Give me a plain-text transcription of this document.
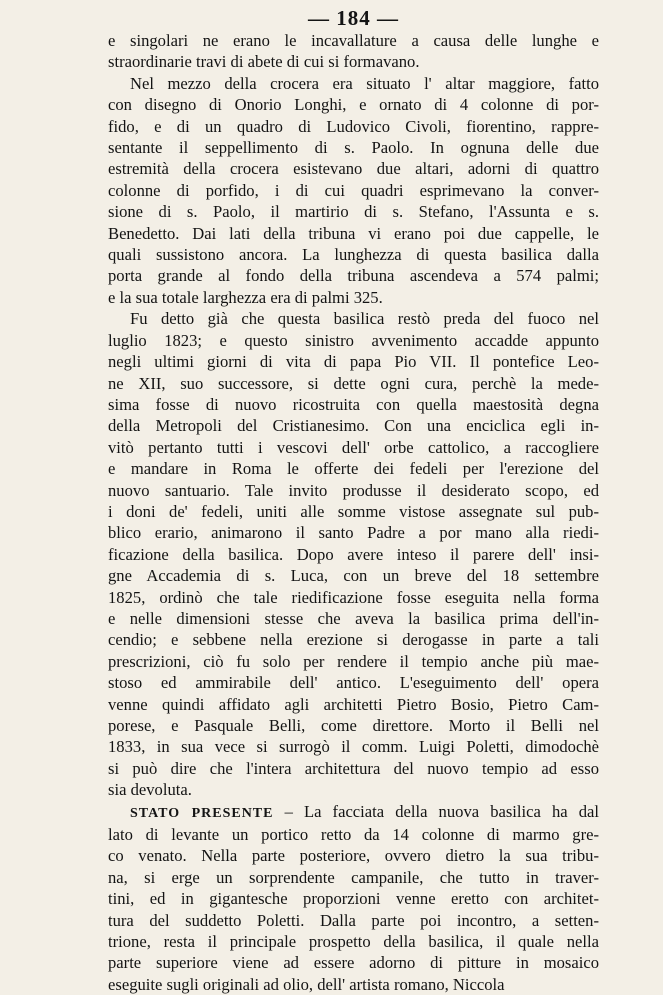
— 184 —
e singolari ne erano le incavallature a causa delle lunghe e
straordinarie travi di abete di cui si formavano.
Nel mezzo della crocera era situato l' altar maggiore, fatto
con disegno di Onorio Longhi, e ornato di 4 colonne di por-
fido, e di un quadro di Ludovico Civoli, fiorentino, rappre-
sentante il seppellimento di s. Paolo. In ognuna delle due
estremità della crocera esistevano due altari, adorni di quattro
colonne di porfido, i di cui quadri esprimevano la conver-
sione di s. Paolo, il martirio di s. Stefano, l'Assunta e s.
Benedetto. Dai lati della tribuna vi erano poi due cappelle, le
quali sussistono ancora. La lunghezza di questa basilica dalla
porta grande al fondo della tribuna ascendeva a 574 palmi;
e la sua totale larghezza era di palmi 325.
Fu detto già che questa basilica restò preda del fuoco nel
luglio 1823; e questo sinistro avvenimento accadde appunto
negli ultimi giorni di vita di papa Pio VII. Il pontefice Leo-
ne XII, suo successore, si dette ogni cura, perchè la mede-
sima fosse di nuovo ricostruita con quella maestosità degna
della Metropoli del Cristianesimo. Con una enciclica egli in-
vitò pertanto tutti i vescovi dell' orbe cattolico, a raccogliere
e mandare in Roma le offerte dei fedeli per l'erezione del
nuovo santuario. Tale invito produsse il desiderato scopo, ed
i doni de' fedeli, uniti alle somme vistose assegnate sul pub-
blico erario, animarono il santo Padre a por mano alla riedi-
ficazione della basilica. Dopo avere inteso il parere dell' insi-
gne Accademia di s. Luca, con un breve del 18 settembre
1825, ordinò che tale riedificazione fosse eseguita nella forma
e nelle dimensioni stesse che aveva la basilica prima dell'in-
cendio; e sebbene nella erezione si derogasse in parte a tali
prescrizioni, ciò fu solo per rendere il tempio anche più mae-
stoso ed ammirabile dell' antico. L'eseguimento dell' opera
venne quindi affidato agli architetti Pietro Bosio, Pietro Cam-
porese, e Pasquale Belli, come direttore. Morto il Belli nel
1833, in sua vece si surrogò il comm. Luigi Poletti, dimodochè
si può dire che l'intera architettura del nuovo tempio ad esso
sia devoluta.
STATO PRESENTE – La facciata della nuova basilica ha dal
lato di levante un portico retto da 14 colonne di marmo gre-
co venato. Nella parte posteriore, ovvero dietro la sua tribu-
na, si erge un sorprendente campanile, che tutto in traver-
tini, ed in gigantesche proporzioni venne eretto con architet-
tura del suddetto Poletti. Dalla parte poi incontro, a setten-
trione, resta il principale prospetto della basilica, il quale nella
parte superiore viene ad essere adorno di pitture in mosaico
eseguite sugli originali ad olio, dell' artista romano, Niccola
